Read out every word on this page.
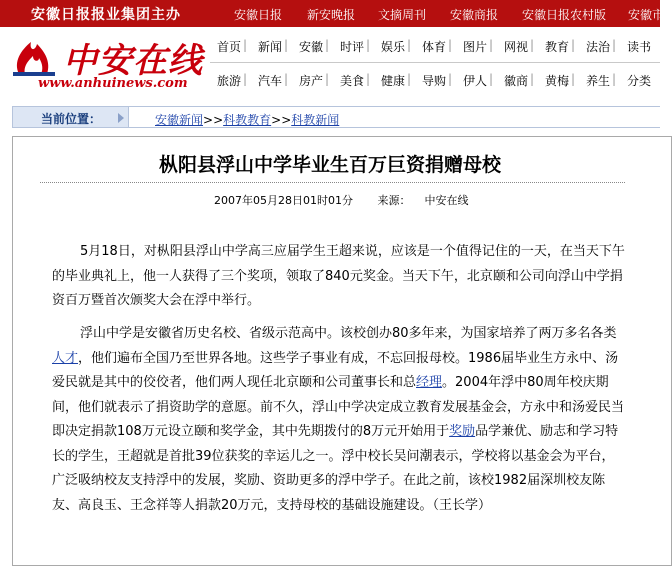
安徽日报报业集团主办	安徽日报 新安晚报 文摘周刊 安徽商报 安徽日报农村版 安徽市
中安在线
www.anhuinews.com
首页 | 新闻 | 安徽 | 时评 | 娱乐 | 体育 | 图片 | 网视 | 教育 | 法治 | 读书
旅游 | 汽车 | 房产 | 美食 | 健康 | 导购 | 伊人 | 徽商 | 黄梅 | 养生 | 分类
当前位置：	安徽新闻>>科教教育>>科教新闻
枞阳县浮山中学毕业生百万巨资捐赠母校
2007年05月28日01时01分 来源： 中安在线
5月18日，对枞阳县浮山中学高三应届学生王超来说，应该是一个值得记住的一天，在当天下午的毕业典礼上，他一人获得了三个奖项，领取了840元奖金。当天下午，北京颐和公司向浮山中学捐资百万暨首次颁奖大会在浮中举行。
浮山中学是安徽省历史名校、省级示范高中。该校创办80多年来，为国家培养了两万多名各类人才，他们遍布全国乃至世界各地。这些学子事业有成，不忘回报母校。1986届毕业生方永中、汤爱民就是其中的佼佼者，他们两人现任北京颐和公司董事长和总经理。2004年浮中80周年校庆期间，他们就表示了捐资助学的意愿。前不久，浮山中学决定成立教育发展基金会，方永中和汤爱民当即决定捐款108万元设立颐和奖学金，其中先期拨付的8万元开始用于奖励品学兼优、励志和学习特长的学生，王超就是首批39位获奖的幸运儿之一。浮中校长吴问潮表示，学校将以基金会为平台，广泛吸纳校友支持浮中的发展，奖励、资助更多的浮中学子。在此之前，该校1982届深圳校友陈友、高良玉、王念祥等人捐款20万元，支持母校的基础设施建设。（王长学）
